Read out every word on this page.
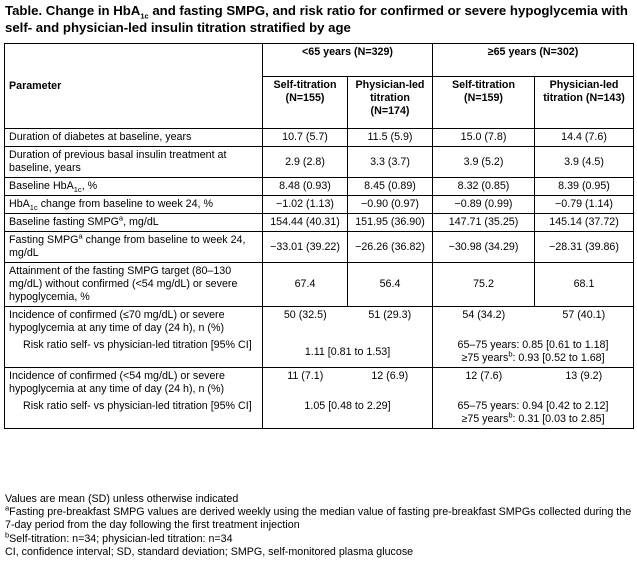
Table. Change in HbA$_{1c}$ and fasting SMPG, and risk ratio for confirmed or severe hypoglycemia with self- and physician-led insulin titration stratified by age
Parameter	<65 years (N=329)		≥65 years (N=302)	
	Self-titration (N=155)	Physician-led titration (N=174)	Self-titration (N=159)	Physician-led titration (N=143)
Duration of diabetes at baseline, years	10.7 (5.7)	11.5 (5.9)	15.0 (7.8)	14.4 (7.6)
Duration of previous basal insulin treatment at baseline, years	2.9 (2.8)	3.3 (3.7)	3.9 (5.2)	3.9 (4.5)
Baseline HbA$_{1c}$, %	8.48 (0.93)	8.45 (0.89)	8.32 (0.85)	8.39 (0.95)
HbA$_{1c}$ change from baseline to week 24, %	−1.02 (1.13)	−0.90 (0.97)	−0.89 (0.99)	−0.79 (1.14)
Baseline fasting SMPG$^a$, mg/dL	154.44 (40.31)	151.95 (36.90)	147.71 (35.25)	145.14 (37.72)
Fasting SMPG$^a$ change from baseline to week 24, mg/dL	−33.01 (39.22)	−26.26 (36.82)	−30.98 (34.29)	−28.31 (39.86)
Attainment of the fasting SMPG target (80–130 mg/dL) without confirmed (<54 mg/dL) or severe hypoglycemia, %	67.4	56.4	75.2	68.1
Incidence of confirmed (≤70 mg/dL) or severe hypoglycemia at any time of day (24 h), n (%)	50 (32.5)	51 (29.3)	54 (34.2)	57 (40.1)

Risk ratio self- vs physician-led titration [95% CI]	1.11 [0.81 to 1.53]		65–75 years: 0.85 [0.61 to 1.18]
≥75 years$^b$: 0.93 [0.52 to 1.68]	

Incidence of confirmed (<54 mg/dL) or severe hypoglycemia at any time of day (24 h), n (%)	11 (7.1)	12 (6.9)	12 (7.6)	13 (9.2)

Risk ratio self- vs physician-led titration [95% CI]	1.05 [0.48 to 2.29]		65–75 years: 0.94 [0.42 to 2.12]
≥75 years$^b$: 0.31 [0.03 to 2.85]	
Values are mean (SD) unless otherwise indicated
$^a$Fasting pre-breakfast SMPG values are derived weekly using the median value of fasting pre-breakfast SMPGs collected during the 7-day period from the day following the first treatment injection
$^b$Self-titration: n=34; physician-led titration: n=34
CI, confidence interval; SD, standard deviation; SMPG, self-monitored plasma glucose
